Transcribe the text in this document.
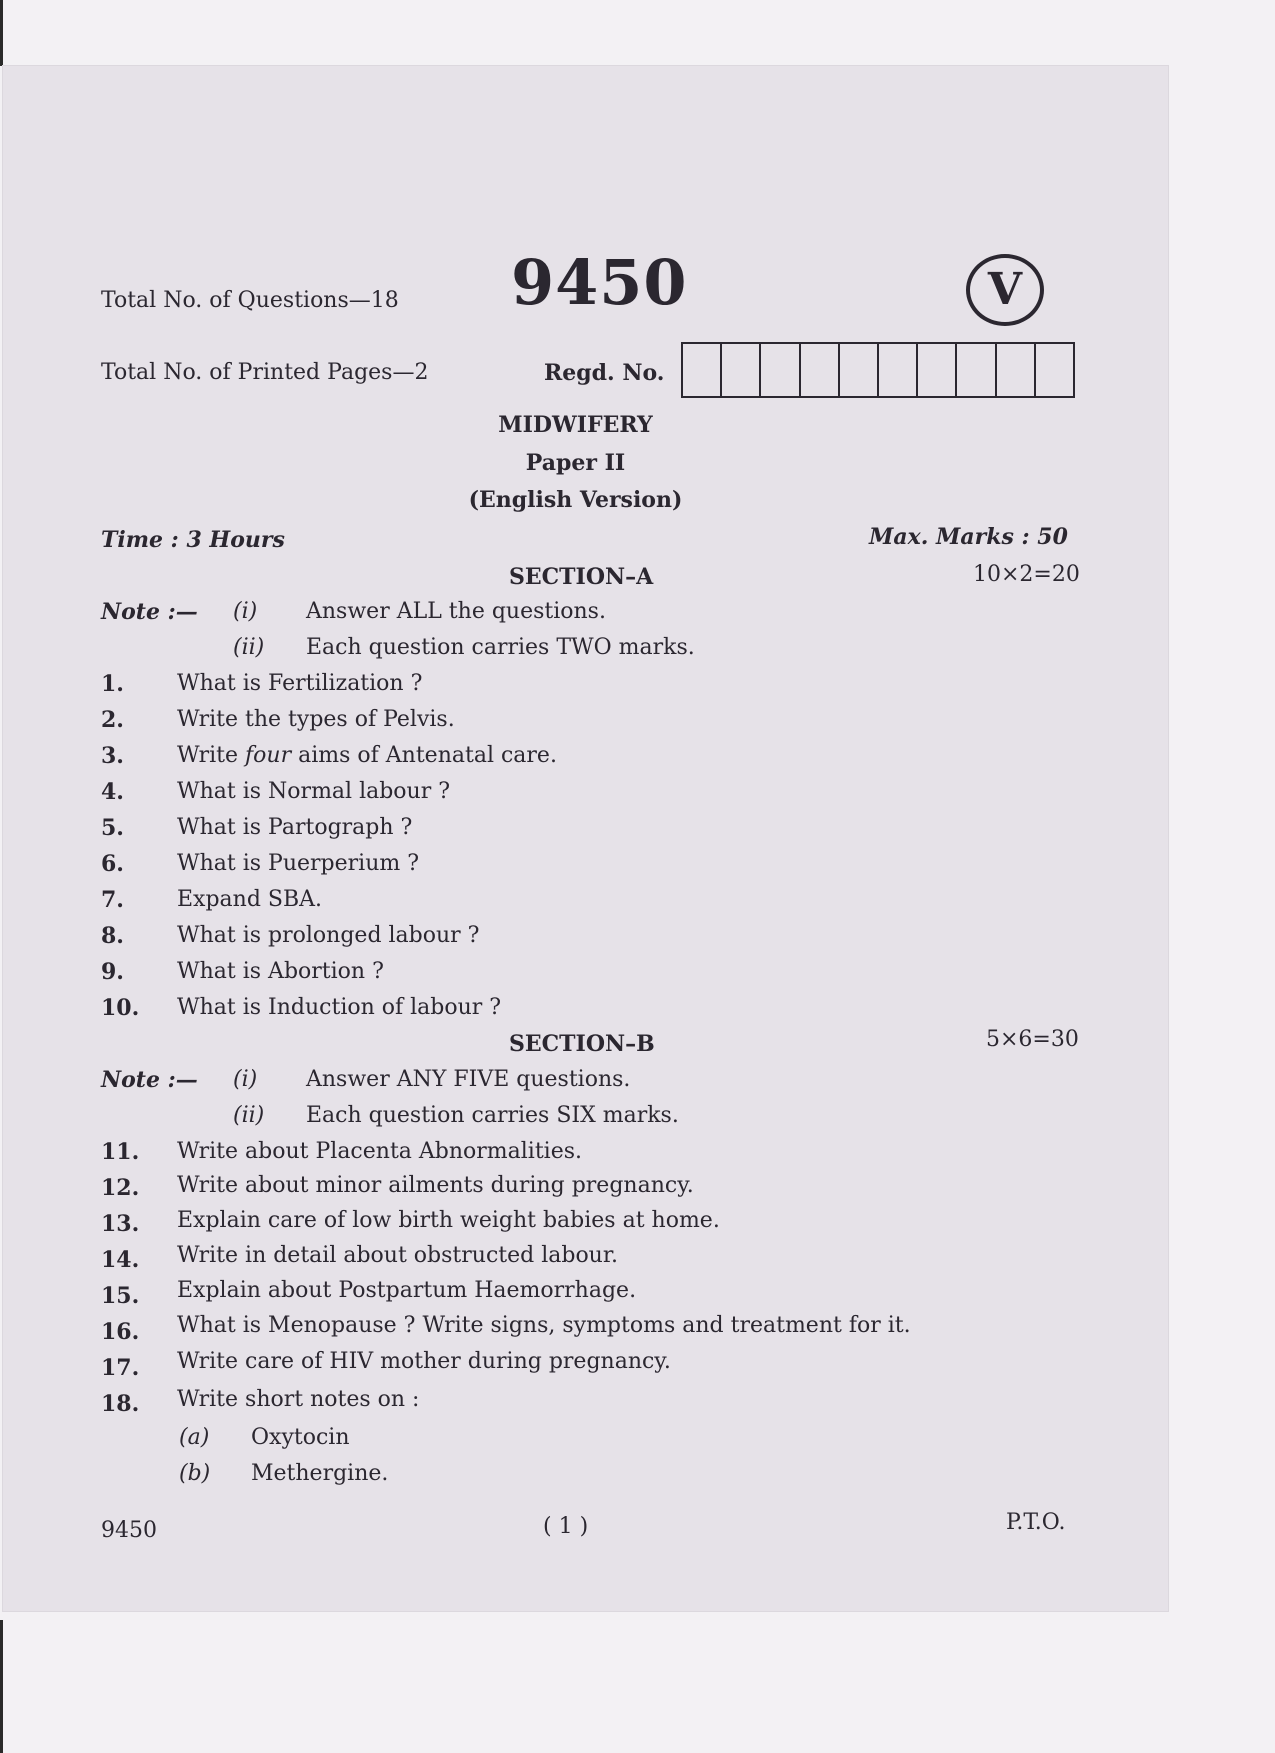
9450	V
Total No. of Questions—18
Total No. of Printed Pages—2	Regd. No.
MIDWIFERY
Paper II
(English Version)
Time : 3 Hours	Max. Marks : 50
SECTION–A	10×2=20
Note :— (i) Answer ALL the questions.
(ii) Each question carries TWO marks.
1.	What is Fertilization ?
2.	Write the types of Pelvis.
3.	Write four aims of Antenatal care.
4.	What is Normal labour ?
5.	What is Partograph ?
6.	What is Puerperium ?
7.	Expand SBA.
8.	What is prolonged labour ?
9.	What is Abortion ?
10.	What is Induction of labour ?
SECTION–B	5×6=30
Note :— (i) Answer ANY FIVE questions.
(ii) Each question carries SIX marks.
11.	Write about Placenta Abnormalities.
12.	Write about minor ailments during pregnancy.
13.	Explain care of low birth weight babies at home.
14.	Write in detail about obstructed labour.
15.	Explain about Postpartum Haemorrhage.
16.	What is Menopause ? Write signs, symptoms and treatment for it.
17.	Write care of HIV mother during pregnancy.
18.	Write short notes on :
(a) Oxytocin
(b) Methergine.
9450	( 1 )	P.T.O.
